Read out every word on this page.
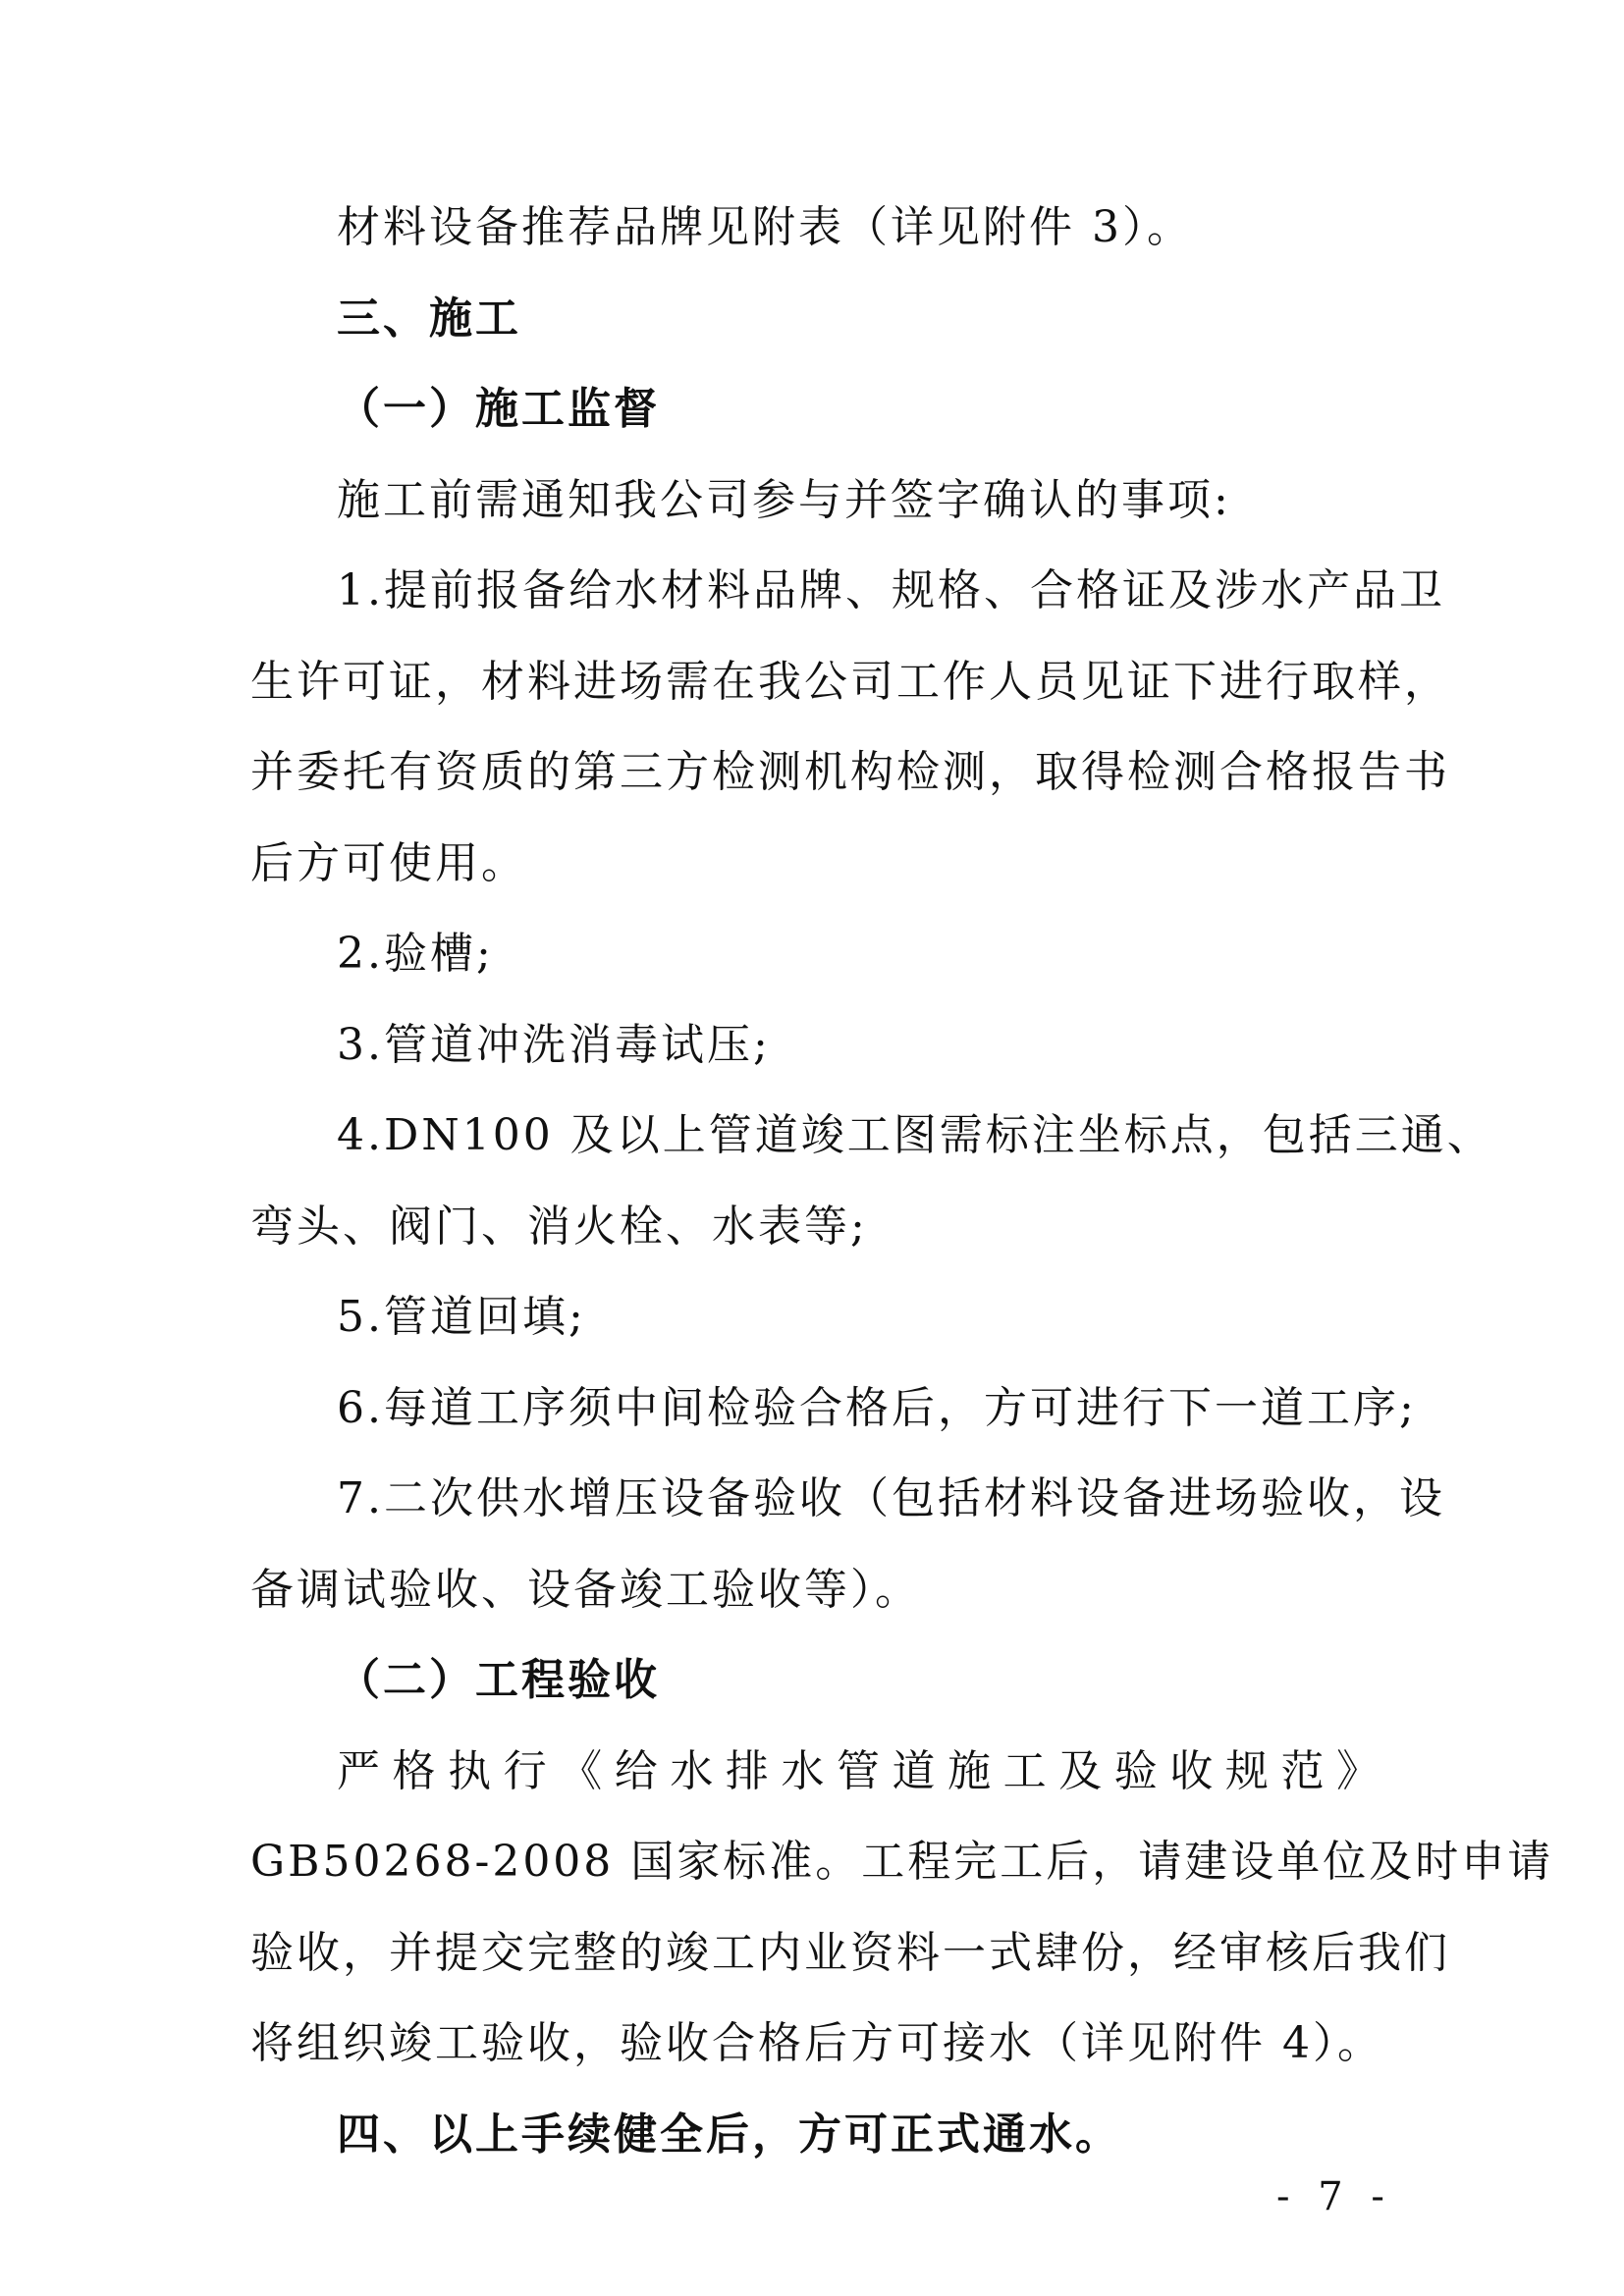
材料设备推荐品牌见附表（详见附件 3）。
三、施工
（一）施工监督
施工前需通知我公司参与并签字确认的事项:
1.提前报备给水材料品牌、规格、合格证及涉水产品卫
生许可证，材料进场需在我公司工作人员见证下进行取样，
并委托有资质的第三方检测机构检测，取得检测合格报告书
后方可使用。
2.验槽;
3.管道冲洗消毒试压;
4.DN100 及以上管道竣工图需标注坐标点，包括三通、
弯头、阀门、消火栓、水表等;
5.管道回填;
6.每道工序须中间检验合格后，方可进行下一道工序;
7.二次供水增压设备验收（包括材料设备进场验收，设
备调试验收、设备竣工验收等）。
（二）工程验收
严格执行《给水排水管道施工及验收规范》
GB50268-2008 国家标准。工程完工后，请建设单位及时申请
验收，并提交完整的竣工内业资料一式肆份，经审核后我们
将组织竣工验收，验收合格后方可接水（详见附件 4）。
四、以上手续健全后，方可正式通水。
- 7 -
